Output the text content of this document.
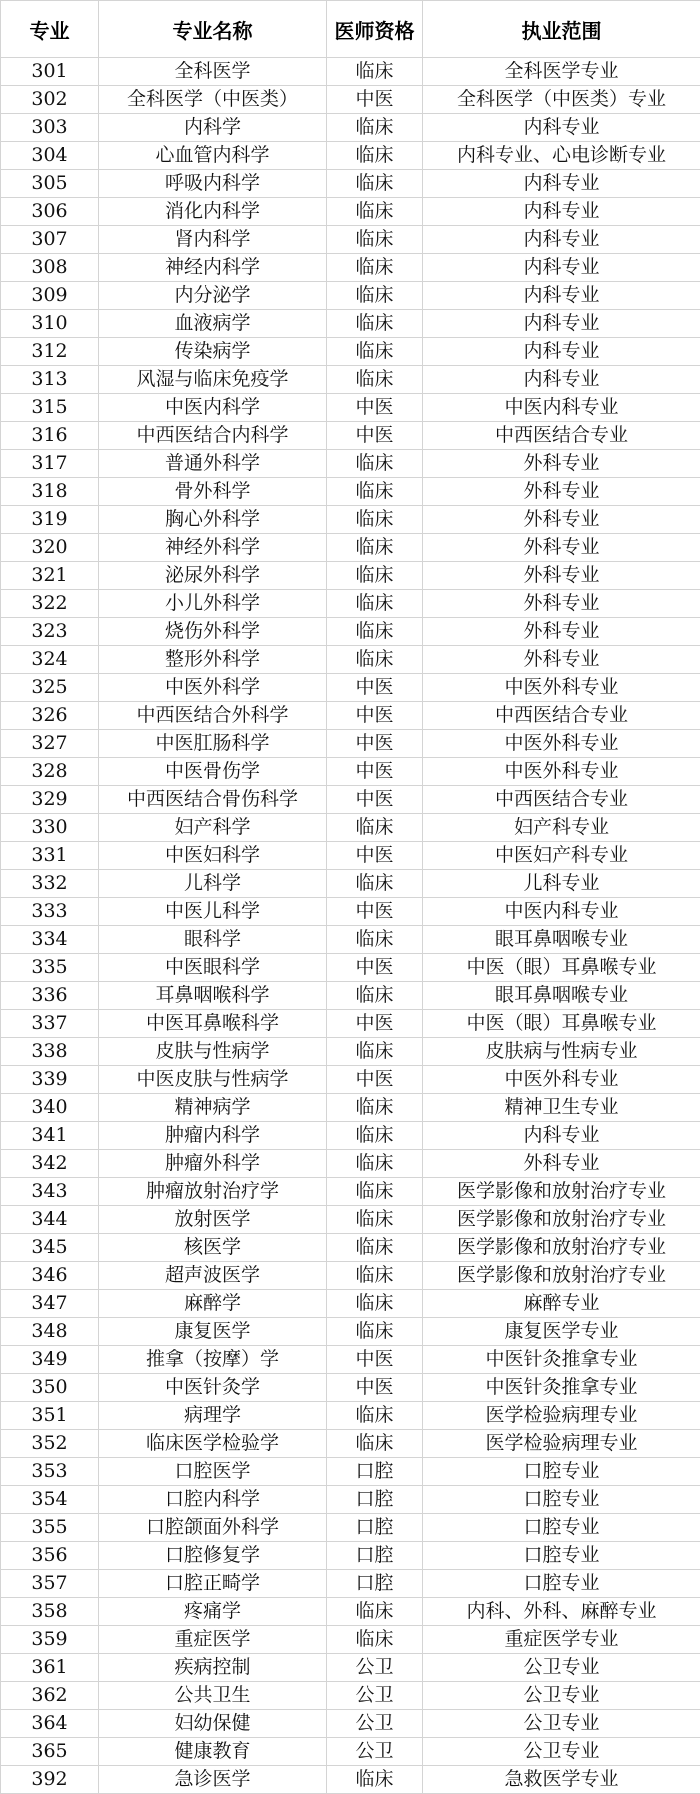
专业	专业名称	医师资格	执业范围
301	全科医学	临床	全科医学专业
302	全科医学（中医类）	中医	全科医学（中医类）专业
303	内科学	临床	内科专业
304	心血管内科学	临床	内科专业、心电诊断专业
305	呼吸内科学	临床	内科专业
306	消化内科学	临床	内科专业
307	肾内科学	临床	内科专业
308	神经内科学	临床	内科专业
309	内分泌学	临床	内科专业
310	血液病学	临床	内科专业
312	传染病学	临床	内科专业
313	风湿与临床免疫学	临床	内科专业
315	中医内科学	中医	中医内科专业
316	中西医结合内科学	中医	中西医结合专业
317	普通外科学	临床	外科专业
318	骨外科学	临床	外科专业
319	胸心外科学	临床	外科专业
320	神经外科学	临床	外科专业
321	泌尿外科学	临床	外科专业
322	小儿外科学	临床	外科专业
323	烧伤外科学	临床	外科专业
324	整形外科学	临床	外科专业
325	中医外科学	中医	中医外科专业
326	中西医结合外科学	中医	中西医结合专业
327	中医肛肠科学	中医	中医外科专业
328	中医骨伤学	中医	中医外科专业
329	中西医结合骨伤科学	中医	中西医结合专业
330	妇产科学	临床	妇产科专业
331	中医妇科学	中医	中医妇产科专业
332	儿科学	临床	儿科专业
333	中医儿科学	中医	中医内科专业
334	眼科学	临床	眼耳鼻咽喉专业
335	中医眼科学	中医	中医（眼）耳鼻喉专业
336	耳鼻咽喉科学	临床	眼耳鼻咽喉专业
337	中医耳鼻喉科学	中医	中医（眼）耳鼻喉专业
338	皮肤与性病学	临床	皮肤病与性病专业
339	中医皮肤与性病学	中医	中医外科专业
340	精神病学	临床	精神卫生专业
341	肿瘤内科学	临床	内科专业
342	肿瘤外科学	临床	外科专业
343	肿瘤放射治疗学	临床	医学影像和放射治疗专业
344	放射医学	临床	医学影像和放射治疗专业
345	核医学	临床	医学影像和放射治疗专业
346	超声波医学	临床	医学影像和放射治疗专业
347	麻醉学	临床	麻醉专业
348	康复医学	临床	康复医学专业
349	推拿（按摩）学	中医	中医针灸推拿专业
350	中医针灸学	中医	中医针灸推拿专业
351	病理学	临床	医学检验病理专业
352	临床医学检验学	临床	医学检验病理专业
353	口腔医学	口腔	口腔专业
354	口腔内科学	口腔	口腔专业
355	口腔颌面外科学	口腔	口腔专业
356	口腔修复学	口腔	口腔专业
357	口腔正畸学	口腔	口腔专业
358	疼痛学	临床	内科、外科、麻醉专业
359	重症医学	临床	重症医学专业
361	疾病控制	公卫	公卫专业
362	公共卫生	公卫	公卫专业
364	妇幼保健	公卫	公卫专业
365	健康教育	公卫	公卫专业
392	急诊医学	临床	急救医学专业
